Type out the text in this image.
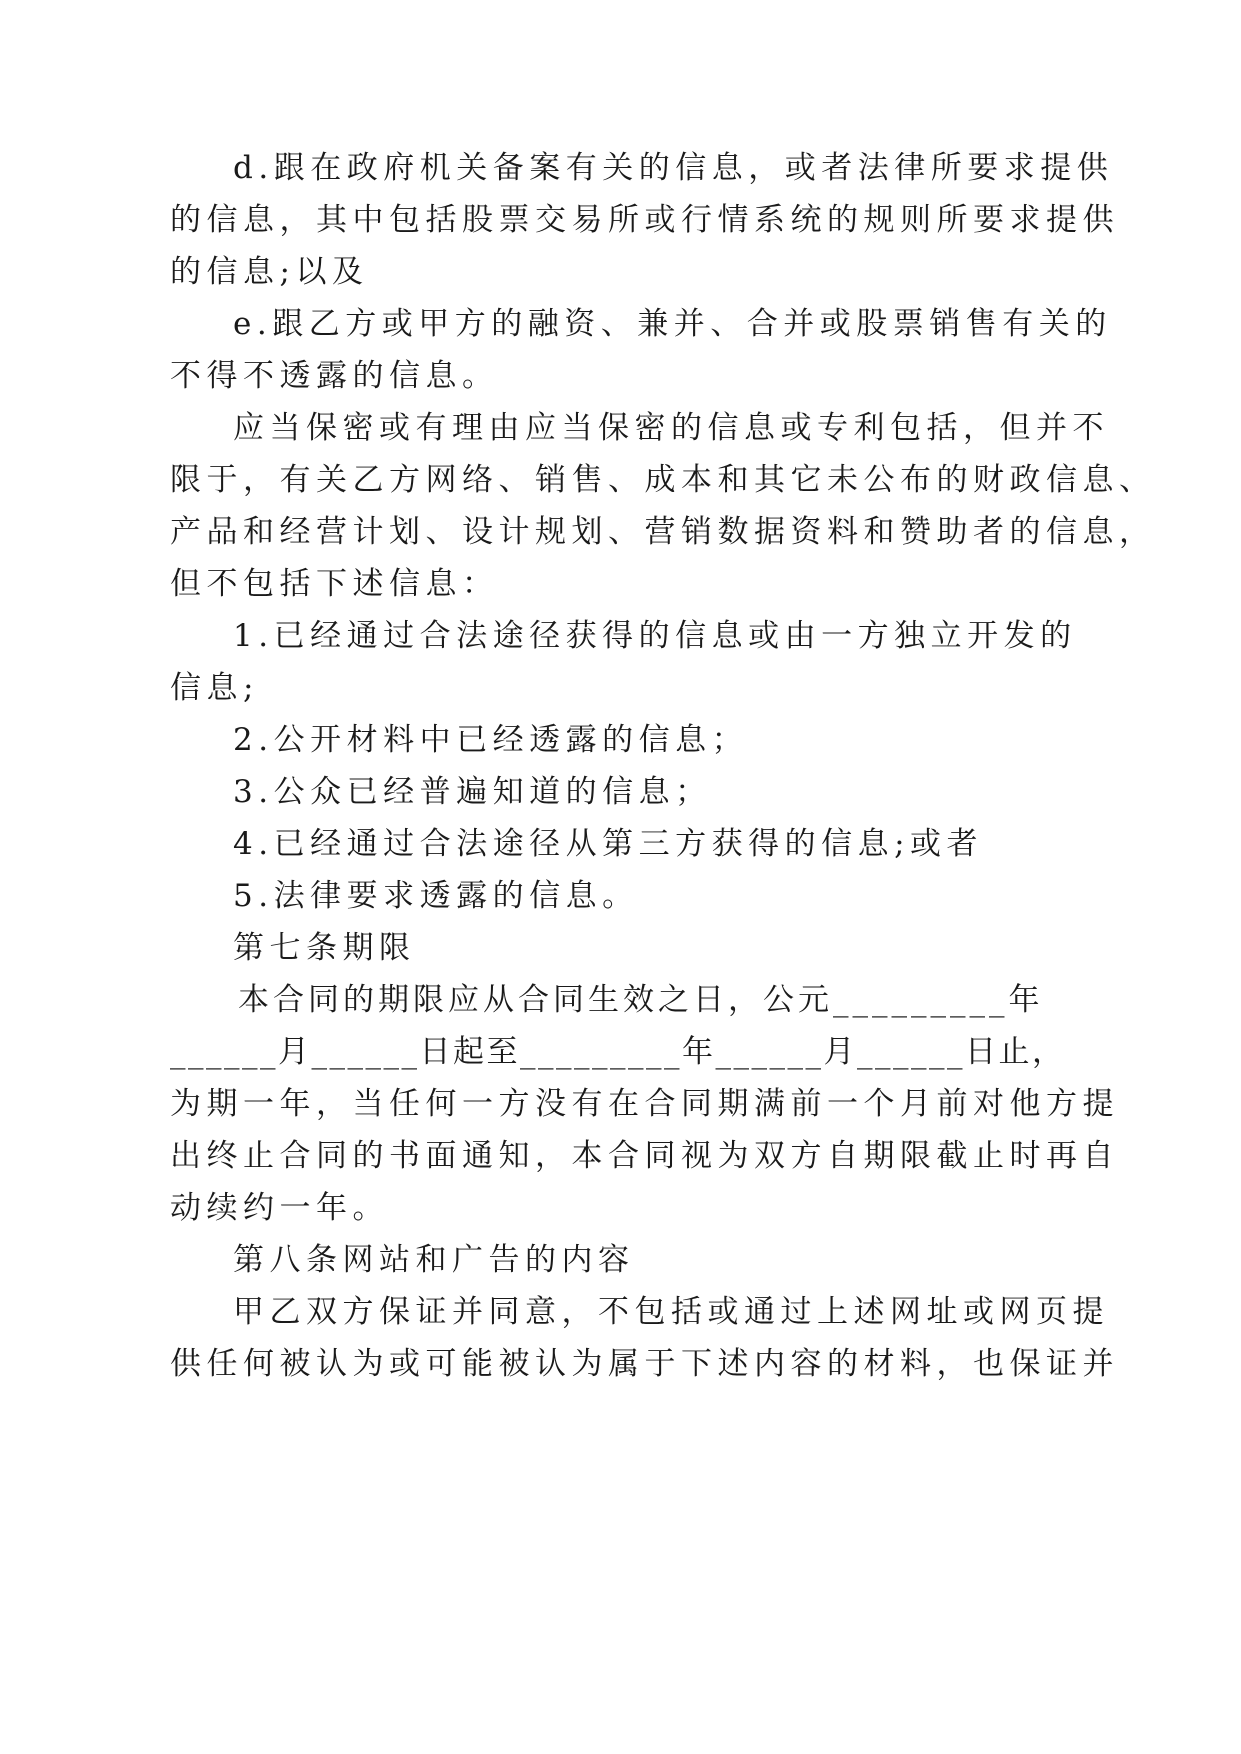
d.跟在政府机关备案有关的信息，或者法律所要求提供
的信息，其中包括股票交易所或行情系统的规则所要求提供
的信息;以及
e.跟乙方或甲方的融资、兼并、合并或股票销售有关的
不得不透露的信息。
应当保密或有理由应当保密的信息或专利包括，但并不
限于，有关乙方网络、销售、成本和其它未公布的财政信息、
产品和经营计划、设计规划、营销数据资料和赞助者的信息，
但不包括下述信息：
1.已经通过合法途径获得的信息或由一方独立开发的
信息;
2.公开材料中已经透露的信息；
3.公众已经普遍知道的信息；
4.已经通过合法途径从第三方获得的信息;或者
5.法律要求透露的信息。
第七条期限
本合同的期限应从合同生效之日，公元_________年
______月______日起至_________年______月______日止，
为期一年，当任何一方没有在合同期满前一个月前对他方提
出终止合同的书面通知，本合同视为双方自期限截止时再自
动续约一年。
第八条网站和广告的内容
甲乙双方保证并同意，不包括或通过上述网址或网页提
供任何被认为或可能被认为属于下述内容的材料，也保证并
